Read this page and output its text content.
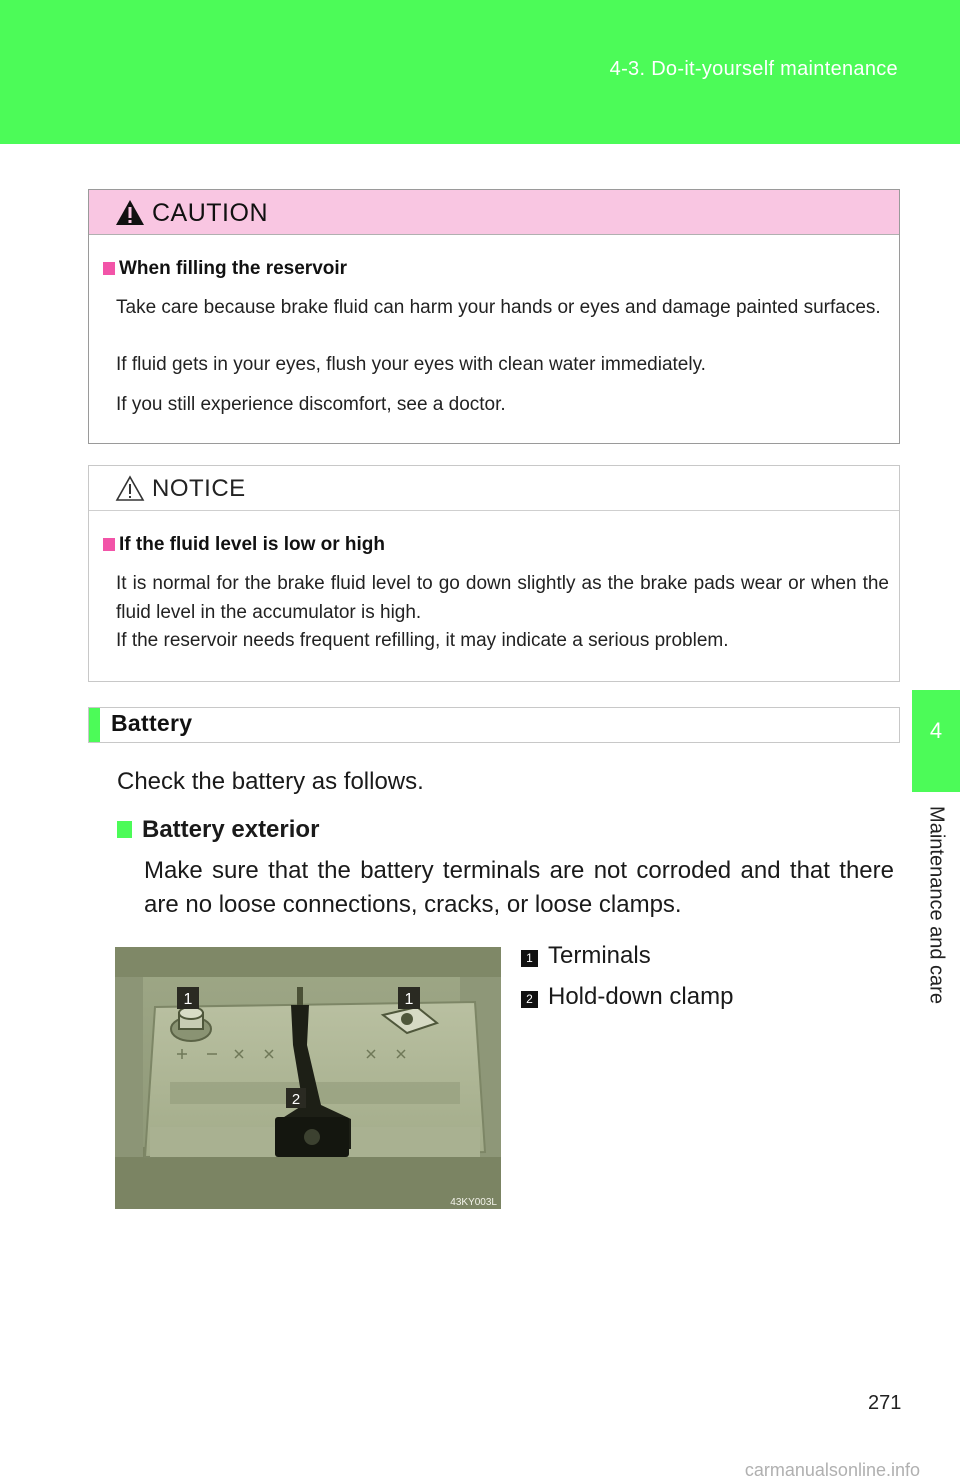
4-3. Do-it-yourself maintenance
4
Maintenance and care
CAUTION
When filling the reservoir
Take care because brake fluid can harm your hands or eyes and damage painted surfaces.
If fluid gets in your eyes, flush your eyes with clean water immediately.
If you still experience discomfort, see a doctor.
NOTICE
If the fluid level is low or high
It is normal for the brake fluid level to go down slightly as the brake pads wear or when the fluid level in the accumulator is high.
If the reservoir needs frequent refilling, it may indicate a serious problem.
Battery
Check the battery as follows.
Battery exterior
Make sure that the battery terminals are not corroded and that there are no loose connections, cracks, or loose clamps.
1	1
2
43KY003L
1 Terminals
2 Hold-down clamp
271
carmanualsonline.info
